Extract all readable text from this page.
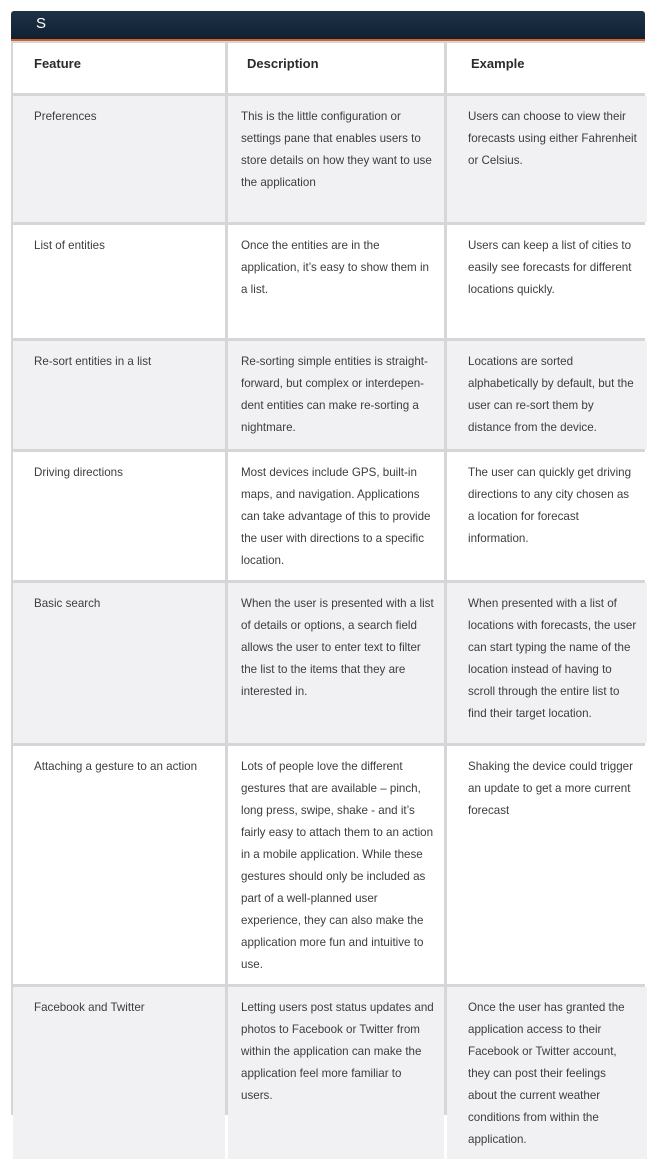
S
Feature	Description	Example
Preferences	This is the little configuration or settings pane that enables users to store details on how they want to use the application	Users can choose to view their forecasts using either Fahrenheit or Celsius.
List of entities	Once the entities are in the application, it’s easy to show them in a list.	Users can keep a list of cities to easily see forecasts for different locations quickly.
Re-sort entities in a list	Re-sorting simple entities is straight-forward, but complex or interdepen-dent entities can make re-sorting a nightmare.	Locations are sorted alphabetically by default, but the user can re-sort them by distance from the device.
Driving directions	Most devices include GPS, built-in maps, and navigation. Applications can take advantage of this to provide the user with directions to a specific location.	The user can quickly get driving directions to any city chosen as a location for forecast information.
Basic search	When the user is presented with a list of details or options, a search field allows the user to enter text to filter the list to the items that they are interested in.	When presented with a list of locations with forecasts, the user can start typing the name of the location instead of having to scroll through the entire list to find their target location.
Attaching a gesture to an action	Lots of people love the different gestures that are available – pinch, long press, swipe, shake - and it’s fairly easy to attach them to an action in a mobile application. While these gestures should only be included as part of a well-planned user experience, they can also make the application more fun and intuitive to use.	Shaking the device could trigger an update to get a more current forecast
Facebook and Twitter	Letting users post status updates and photos to Facebook or Twitter from within the application can make the application feel more familiar to users.	Once the user has granted the application access to their Facebook or Twitter account, they can post their feelings about the current weather conditions from within the application.
